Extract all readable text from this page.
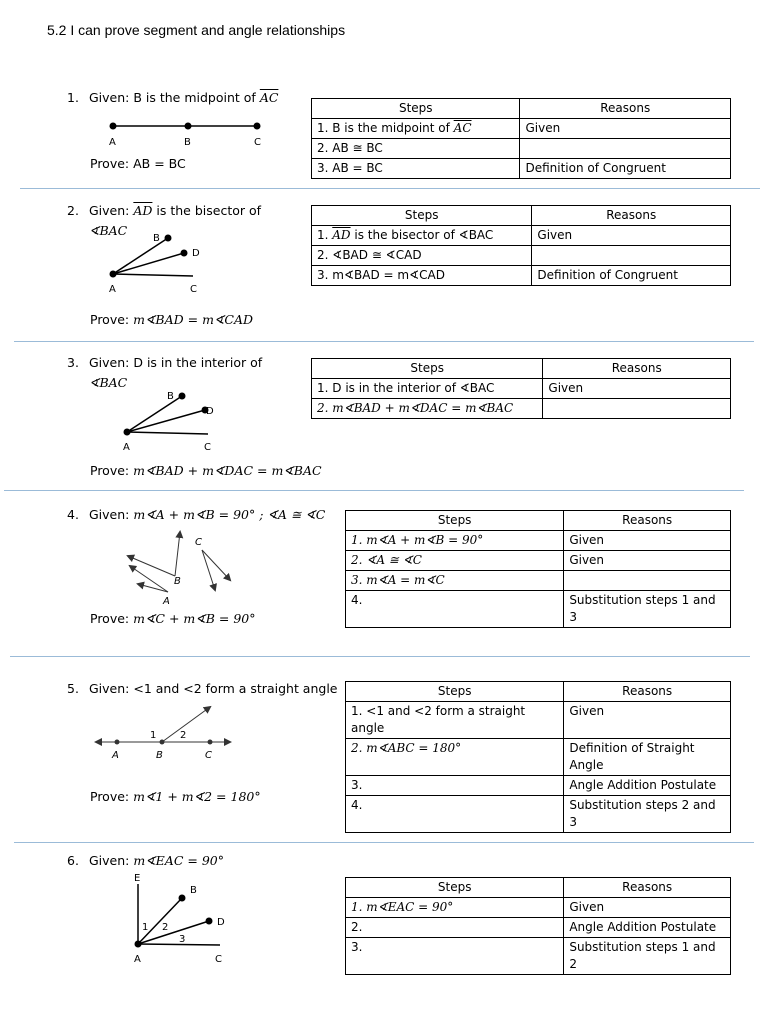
5.2 I can prove segment and angle relationships
1. Given: B is the midpoint of $\overline{AC}$
A	B	C
Prove: AB = BC
Steps	Reasons
1. B is the midpoint of $\overline{AC}$	Given
2. AB ≅ BC	
3. AB = BC	Definition of Congruent
2. Given: $\overline{AD}$ is the bisector of
∢BAC
B
D
A	C
Prove: m∢BAD = m∢CAD
Steps	Reasons
1. $\overline{AD}$ is the bisector of ∢BAC	Given
2. ∢BAD ≅ ∢CAD	
3. m∢BAD = m∢CAD	Definition of Congruent
3. Given: D is in the interior of
∢BAC
B
D
A	C
Prove: m∢BAD + m∢DAC = m∢BAC
Steps	Reasons
1. D is in the interior of ∢BAC	Given
2. m∢BAD + m∢DAC = m∢BAC	
4. Given: m∢A + m∢B = 90° ; ∢A ≅ ∢C
C
B
A
Prove: m∢C + m∢B = 90°
Steps	Reasons
1. m∢A + m∢B = 90°	Given
2. ∢A ≅ ∢C	Given
3. m∢A = m∢C	
4.	Substitution steps 1 and 3
5. Given: <1 and <2 form a straight angle
1 2
A	B	C
Prove: m∢1 + m∢2 = 180°
Steps	Reasons
1. <1 and <2 form a straight angle	Given
2. m∢ABC = 180°	Definition of Straight Angle
3.	Angle Addition Postulate
4.	Substitution steps 2 and 3
6. Given: m∢EAC = 90°
E
B
D
1 2
3
A	C
Steps	Reasons
1. m∢EAC = 90°	Given
2.	Angle Addition Postulate
3.	Substitution steps 1 and 2
